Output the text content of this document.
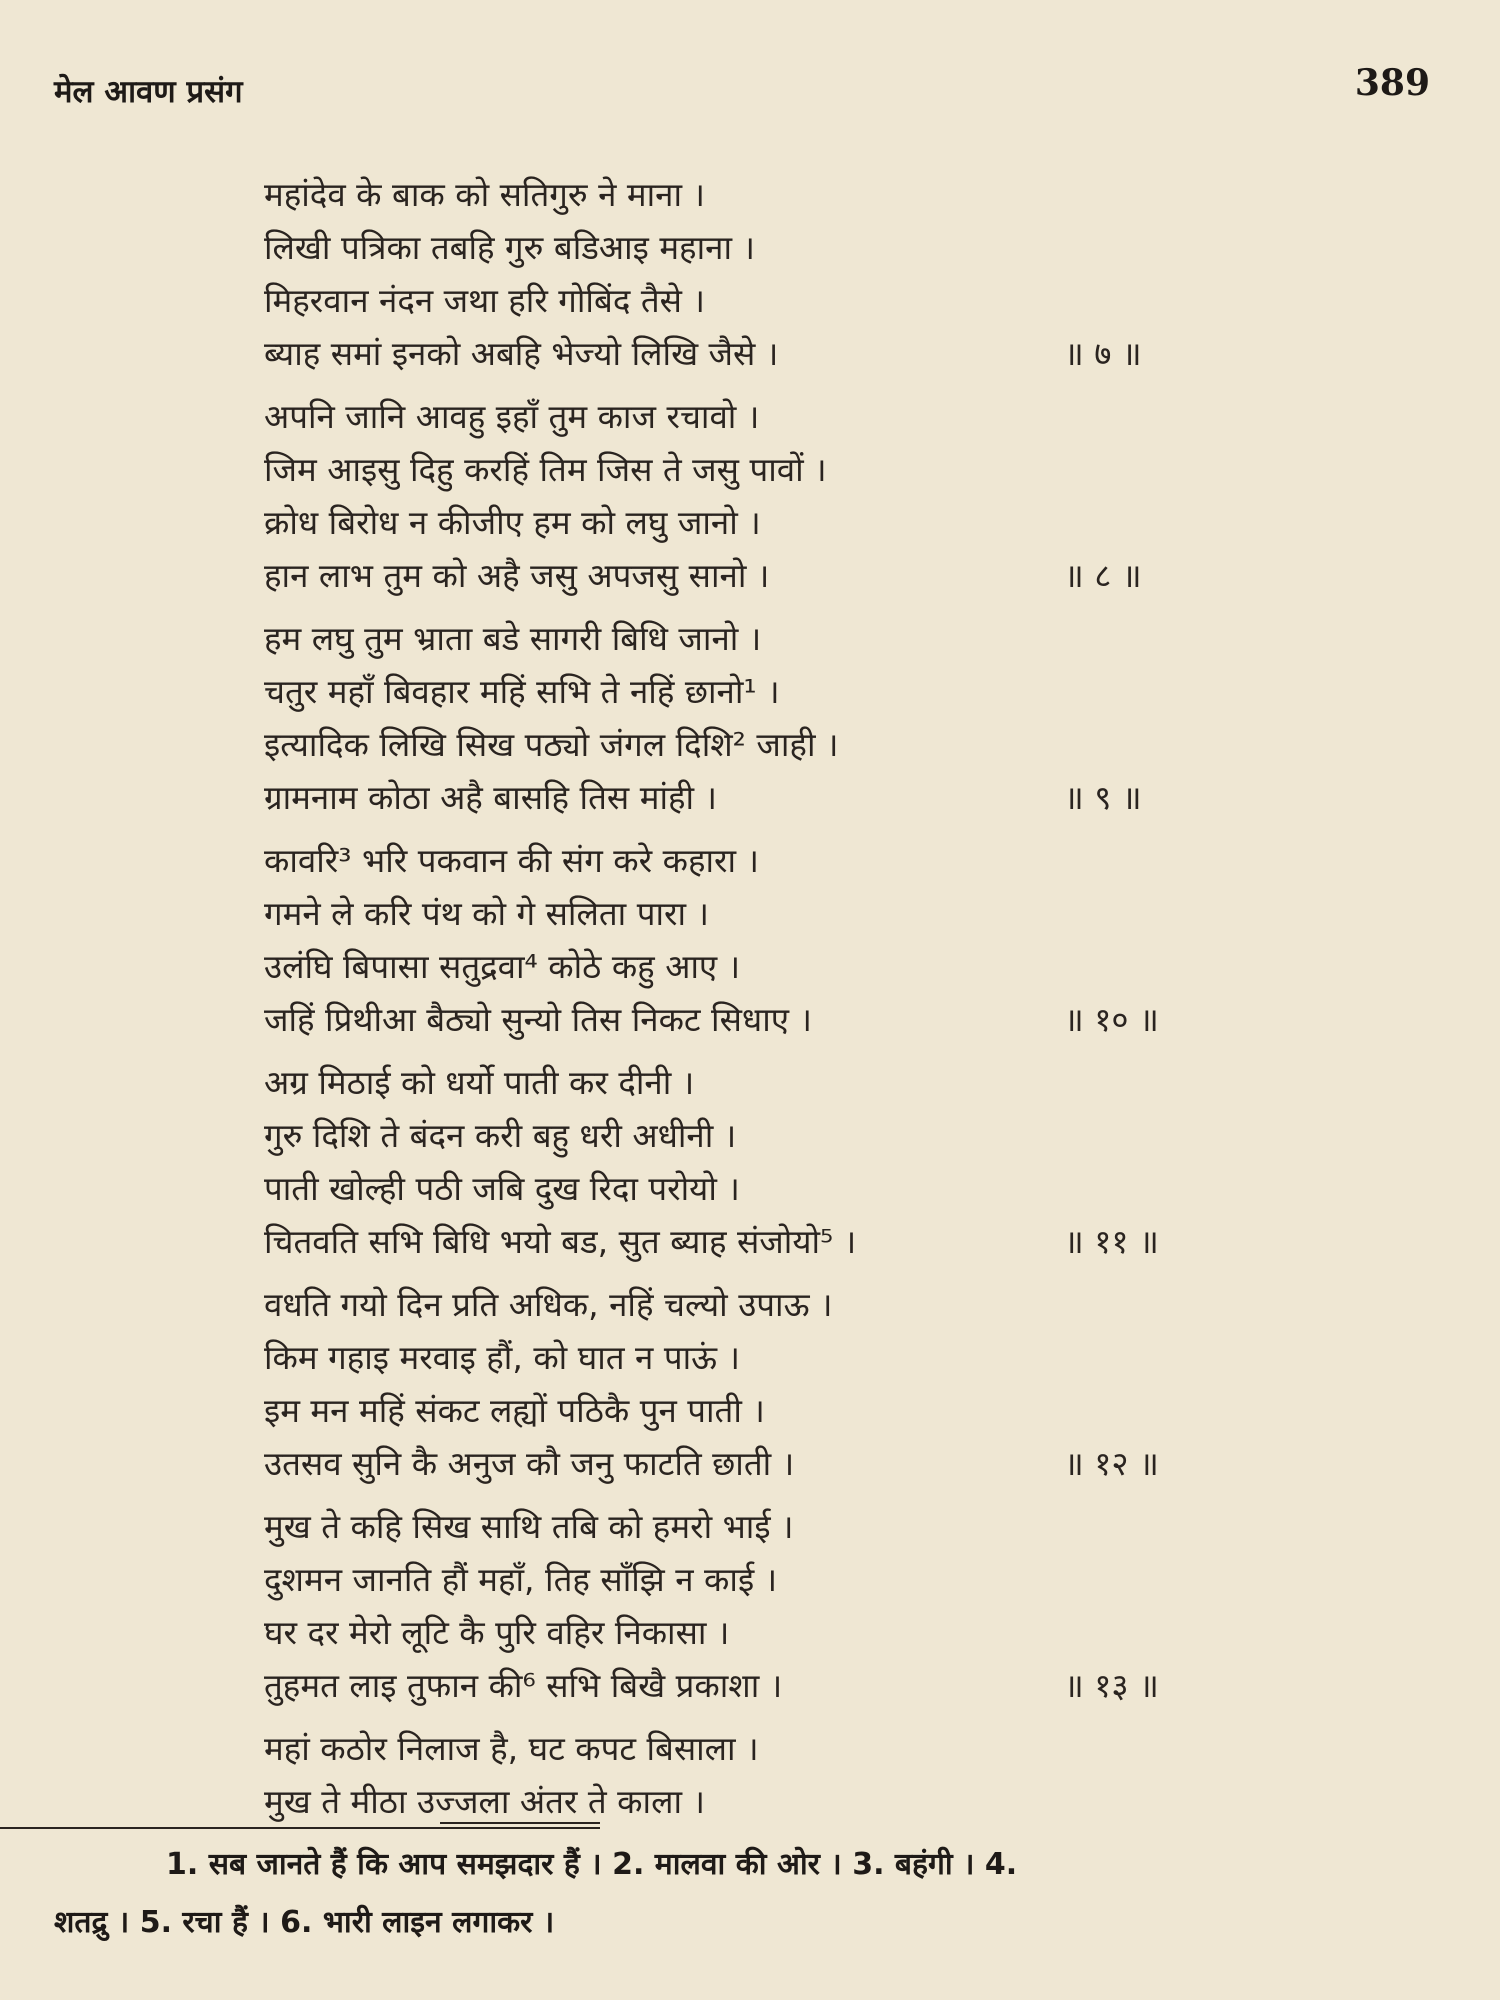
मेल आवण प्रसंग	389
महांदेव के बाक को सतिगुरु ने माना ।
लिखी पत्रिका तबहि गुरु बडिआइ महाना ।
मिहरवान नंदन जथा हरि गोबिंद तैसे ।
ब्याह समां इनको अबहि भेज्यो लिखि जैसे ।	॥ ७ ॥
अपनि जानि आवहु इहाँ तुम काज रचावो ।
जिम आइसु दिहु करहिं तिम जिस ते जसु पावों ।
क्रोध बिरोध न कीजीए हम को लघु जानो ।
हान लाभ तुम को अहै जसु अपजसु सानो ।	॥ ८ ॥
हम लघु तुम भ्राता बडे सागरी बिधि जानो ।
चतुर महाँ बिवहार महिं सभि ते नहिं छानो¹ ।
इत्यादिक लिखि सिख पठ्यो जंगल दिशि² जाही ।
ग्रामनाम कोठा अहै बासहि तिस मांही ।	॥ ९ ॥
कावरि³ भरि पकवान की संग करे कहारा ।
गमने ले करि पंथ को गे सलिता पारा ।
उलंघि बिपासा सतुद्रवा⁴ कोठे कहु आए ।
जहिं प्रिथीआ बैठ्यो सुन्यो तिस निकट सिधाए ।	॥ १० ॥
अग्र मिठाई को धर्यो पाती कर दीनी ।
गुरु दिशि ते बंदन करी बहु धरी अधीनी ।
पाती खोल्ही पठी जबि दुख रिदा परोयो ।
चितवति सभि बिधि भयो बड, सुत ब्याह संजोयो⁵ ।	॥ ११ ॥
वधति गयो दिन प्रति अधिक, नहिं चल्यो उपाऊ ।
किम गहाइ मरवाइ हौं, को घात न पाऊं ।
इम मन महिं संकट लह्यों पठिकै पुन पाती ।
उतसव सुनि कै अनुज कौ जनु फाटति छाती ।	॥ १२ ॥
मुख ते कहि सिख साथि तबि को हमरो भाई ।
दुशमन जानति हौं महाँ, तिह साँझि न काई ।
घर दर मेरो लूटि कै पुरि वहिर निकासा ।
तुहमत लाइ तुफान की⁶ सभि बिखै प्रकाशा ।	॥ १३ ॥
महां कठोर निलाज है, घट कपट बिसाला ।
मुख ते मीठा उज्जला अंतर ते काला ।
1. सब जानते हैं कि आप समझदार हैं । 2. मालवा की ओर । 3. बहंगी । 4.
शतद्रु । 5. रचा हैं । 6. भारी लाइन लगाकर ।
